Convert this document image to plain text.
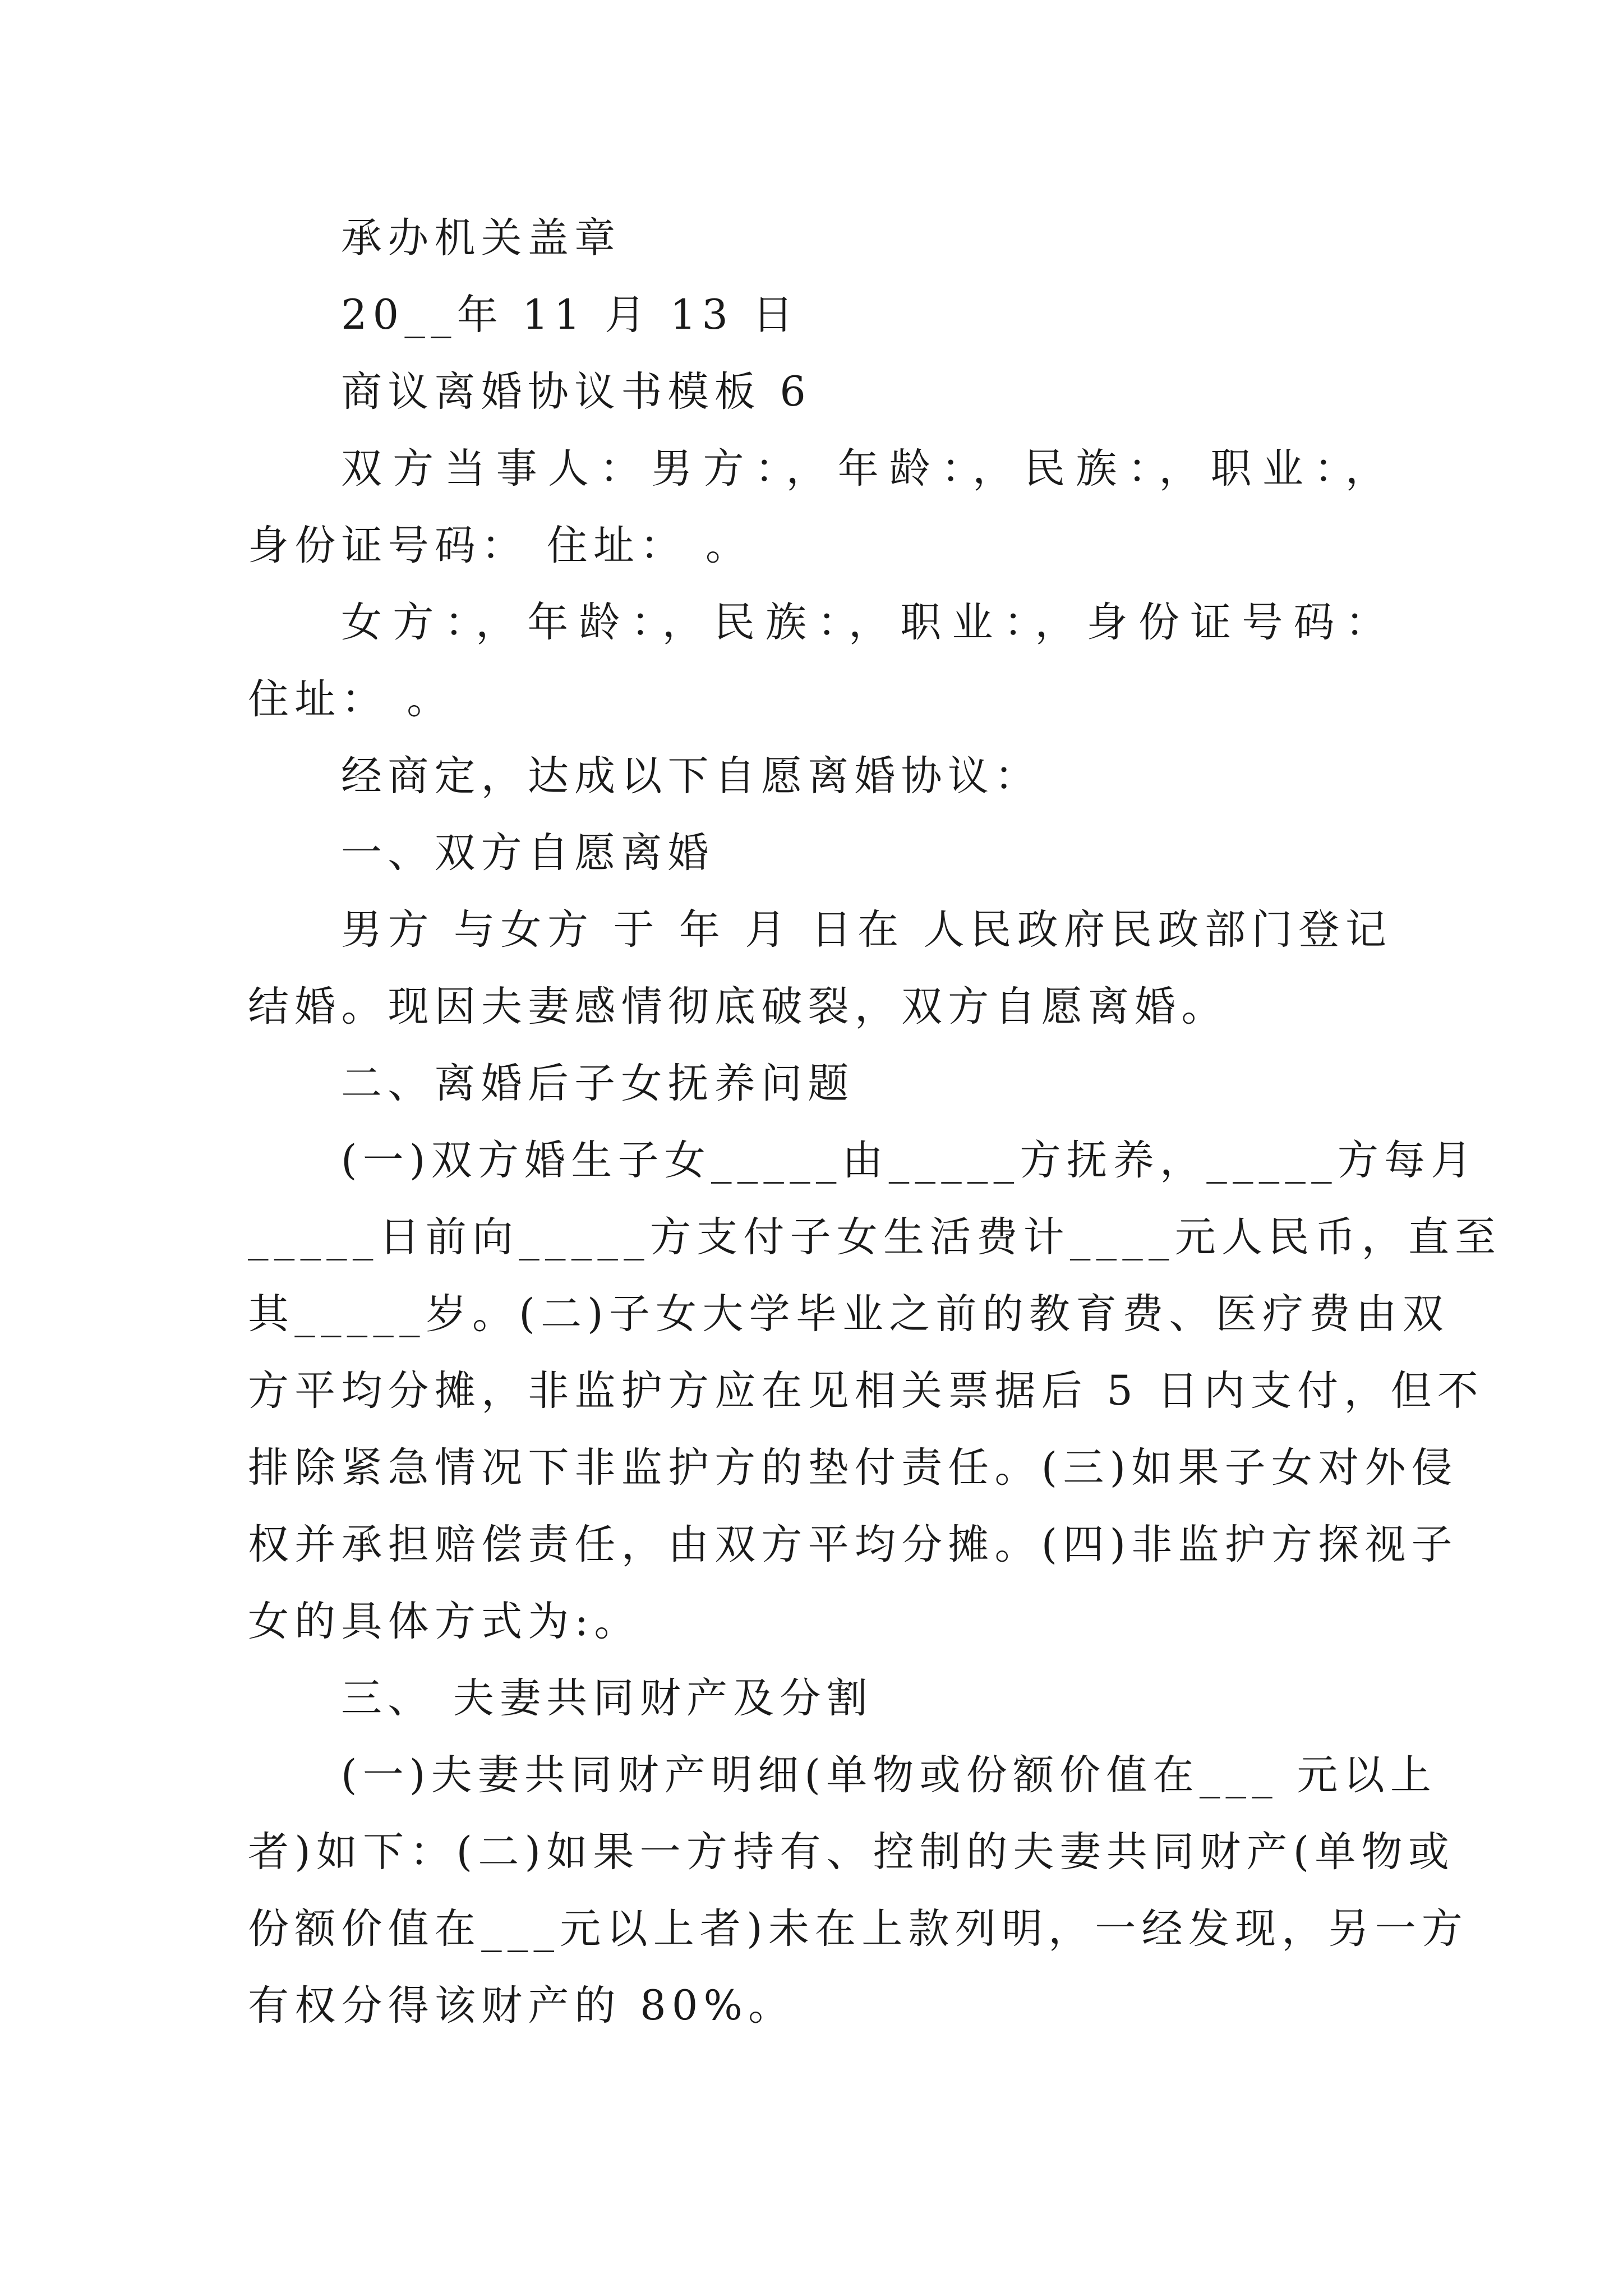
承办机关盖章
20__年 11 月 13 日
商议离婚协议书模板 6
双方当事人：男方：，年龄：，民族：，职业：，
身份证号码： 住址： 。
女方：，年龄：，民族：，职业：，身份证号码：
住址： 。
经商定，达成以下自愿离婚协议：
一、双方自愿离婚
男方 与女方 于 年 月 日在 人民政府民政部门登记
结婚。现因夫妻感情彻底破裂，双方自愿离婚。
二、离婚后子女抚养问题
(一)双方婚生子女_____由_____方抚养，_____方每月
_____日前向_____方支付子女生活费计____元人民币，直至
其_____岁。(二)子女大学毕业之前的教育费、医疗费由双
方平均分摊，非监护方应在见相关票据后 5 日内支付，但不
排除紧急情况下非监护方的垫付责任。(三)如果子女对外侵
权并承担赔偿责任，由双方平均分摊。(四)非监护方探视子
女的具体方式为:。
三、 夫妻共同财产及分割
(一)夫妻共同财产明细(单物或份额价值在___ 元以上
者)如下：(二)如果一方持有、控制的夫妻共同财产(单物或
份额价值在___元以上者)未在上款列明，一经发现，另一方
有权分得该财产的 80%。
